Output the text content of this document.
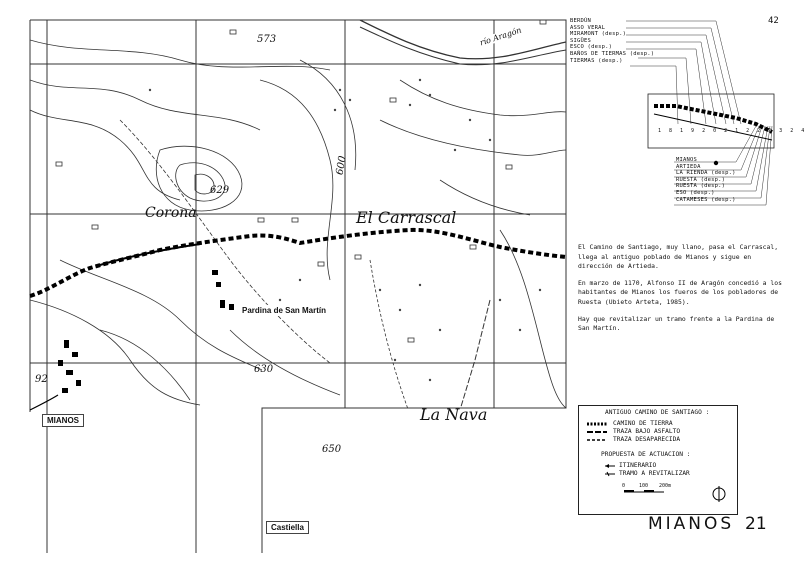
río Aragón
573
600
629
630
650
92
Corona	El Carrascal
La Nava
Pardina de San Martín
MIANOS
Castiella
42
BERDÚN
ASSO VERAL
MIRAMONT (desp.)
SIGÜES
ESCO (desp.)
BAÑOS DE TIERMAS (desp.)
TIERMAS (desp.)
MIANOS
ARTIEDA
LA RIENDA (desp.)
RUESTA (desp.)
RUESTA (desp.)
ESO (desp.)
CATAMESES (desp.)
18192021222324

El Camino de Santiago, muy llano, pasa el Carrascal, llega al antiguo poblado de Mianos y sigue en dirección de Artieda.

En marzo de 1170, Alfonso II de Aragón concedió a los habitantes de Mianos los fueros de los pobladores de Ruesta (Ubieto Arteta, 1985).

Hay que revitalizar un tramo frente a la Pardina de San Martín.

ANTIGUO CAMINO DE SANTIAGO :
CAMINO DE TIERRA
TRAZA BAJO ASFALTO
TRAZA DESAPARECIDA
PROPUESTA DE ACTUACION :
ITINERARIO
TRAMO A REVITALIZAR
0	100 200m
MIANOS 21
